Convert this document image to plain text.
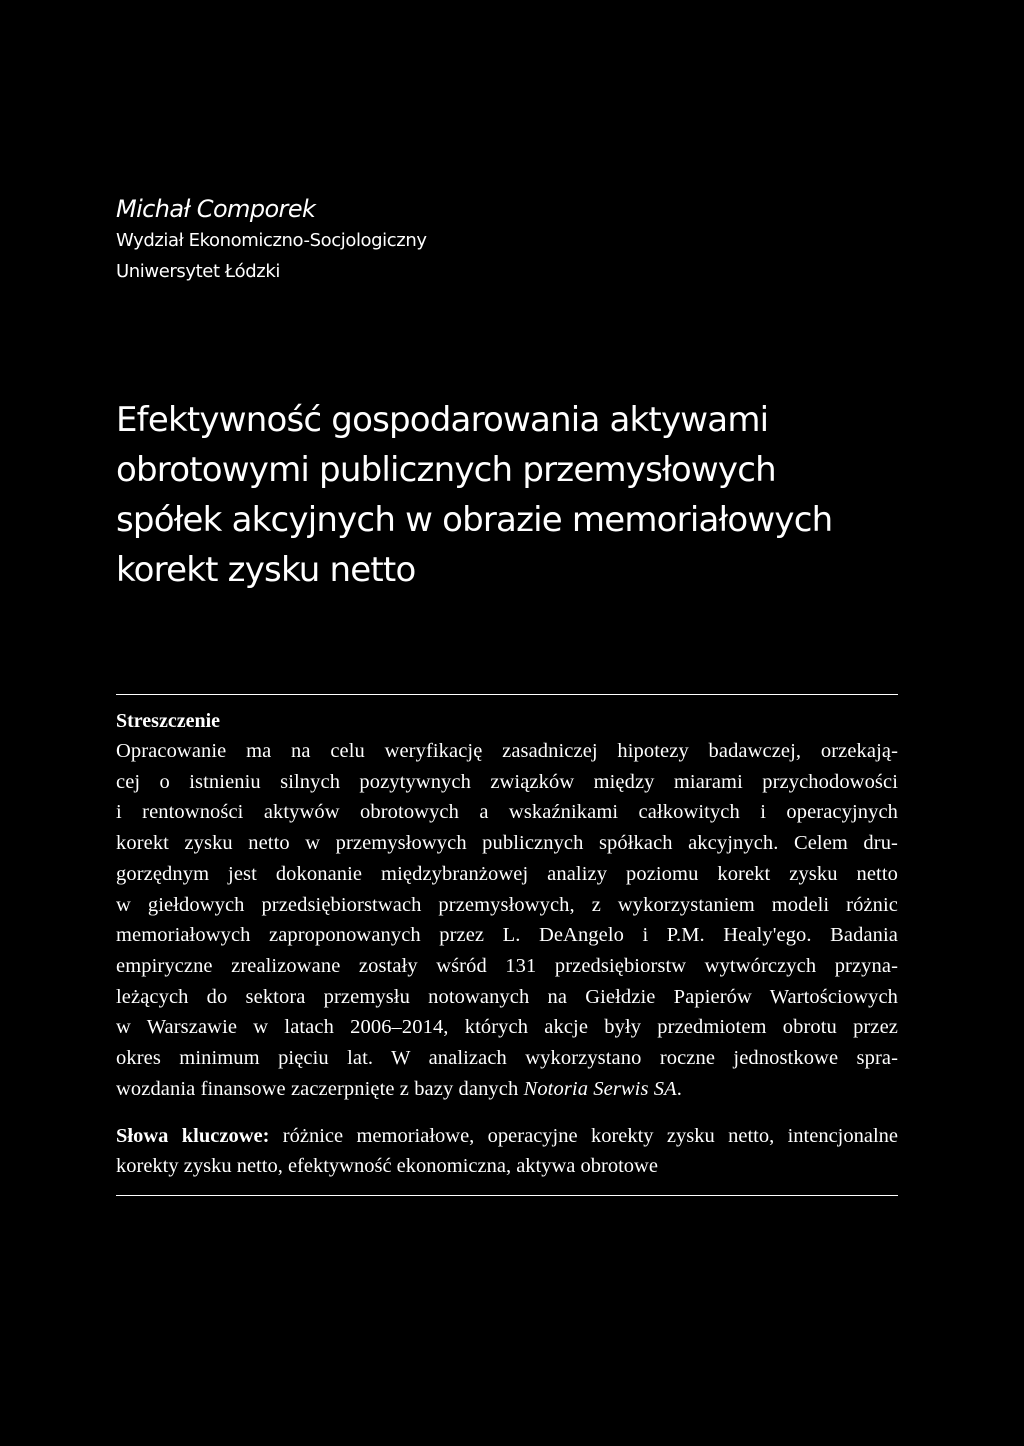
Michał Comporek
Wydział Ekonomiczno-Socjologiczny
Uniwersytet Łódzki
Efektywność gospodarowania aktywami
obrotowymi publicznych przemysłowych
spółek akcyjnych w obrazie memoriałowych
korekt zysku netto
Streszczenie
Opracowanie ma na celu weryfikację zasadniczej hipotezy badawczej, orzekają-
cej o istnieniu silnych pozytywnych związków między miarami przychodowości
i rentowności aktywów obrotowych a wskaźnikami całkowitych i operacyjnych
korekt zysku netto w przemysłowych publicznych spółkach akcyjnych. Celem dru-
gorzędnym jest dokonanie międzybranżowej analizy poziomu korekt zysku netto
w giełdowych przedsiębiorstwach przemysłowych, z wykorzystaniem modeli różnic
memoriałowych zaproponowanych przez L. DeAngelo i P.M. Healy'ego. Badania
empiryczne zrealizowane zostały wśród 131 przedsiębiorstw wytwórczych przyna-
leżących do sektora przemysłu notowanych na Giełdzie Papierów Wartościowych
w Warszawie w latach 2006–2014, których akcje były przedmiotem obrotu przez
okres minimum pięciu lat. W analizach wykorzystano roczne jednostkowe spra-
wozdania finansowe zaczerpnięte z bazy danych Notoria Serwis SA.
Słowa kluczowe: różnice memoriałowe, operacyjne korekty zysku netto, intencjonalne
korekty zysku netto, efektywność ekonomiczna, aktywa obrotowe
